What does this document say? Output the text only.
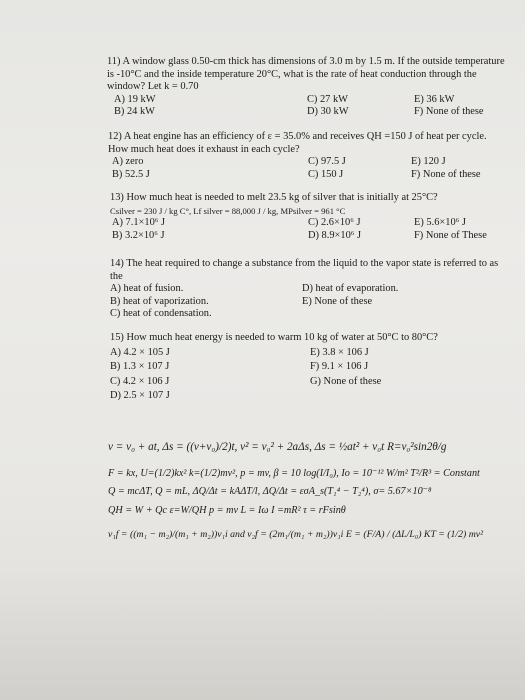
11) A window glass 0.50-cm thick has dimensions of 3.0 m by 1.5 m. If the outside temperature
is -10°C and the inside temperature 20°C, what is the rate of heat conduction through the
window? Let k = 0.70
A) 19 kW	C) 27 kW	E) 36 kW
B) 24 kW	D) 30 kW	F) None of these
12) A heat engine has an efficiency of ε = 35.0% and receives QH =150 J of heat per cycle.
How much heat does it exhaust in each cycle?
A) zero	C) 97.5 J	E) 120 J
B) 52.5 J	C) 150 J	F) None of these
13) How much heat is needed to melt 23.5 kg of silver that is initially at 25°C?
Csilver = 230 J / kg C°, Lf silver = 88,000 J / kg, MPsilver = 961 °C
A) 7.1×10⁶ J	C) 2.6×10⁶ J	E) 5.6×10⁶ J
B) 3.2×10⁶ J	D) 8.9×10⁶ J	F) None of These
14) The heat required to change a substance from the liquid to the vapor state is referred to as
the
A) heat of fusion.	D) heat of evaporation.
B) heat of vaporization.	E) None of these
C) heat of condensation.
15) How much heat energy is needed to warm 10 kg of water at 50°C to 80°C?
A) 4.2 × 105 J	E) 3.8 × 106 J
B) 1.3 × 107 J	F) 9.1 × 106 J
C) 4.2 × 106 J	G) None of these
D) 2.5 × 107 J
v = v₀ + at, Δs = ((v+v₀)/2)t, v² = v₀² + 2aΔs, Δs = ½at² + v₀t R=v₀²sin2θ/g
F = kx, U=(1/2)kx² k=(1/2)mv², p = mv, β = 10 log(I/I₀), Io = 10⁻¹² W/m² T²/R³ = Constant
Q = mcΔT, Q = mL, ΔQ/Δt = kAΔT/l, ΔQ/Δt = εσA_s(T₁⁴ − T₂⁴), σ= 5.67×10⁻⁸
QH = W + Qc ε=W/QH p = mv L = Iω I =mR² τ = rFsinθ
v₁f = ((m₁ − m₂)/(m₁ + m₂))v₁i and v₂f = (2m₁/(m₁ + m₂))v₁i E = (F/A) / (ΔL/L₀) KT = (1/2) mv²
